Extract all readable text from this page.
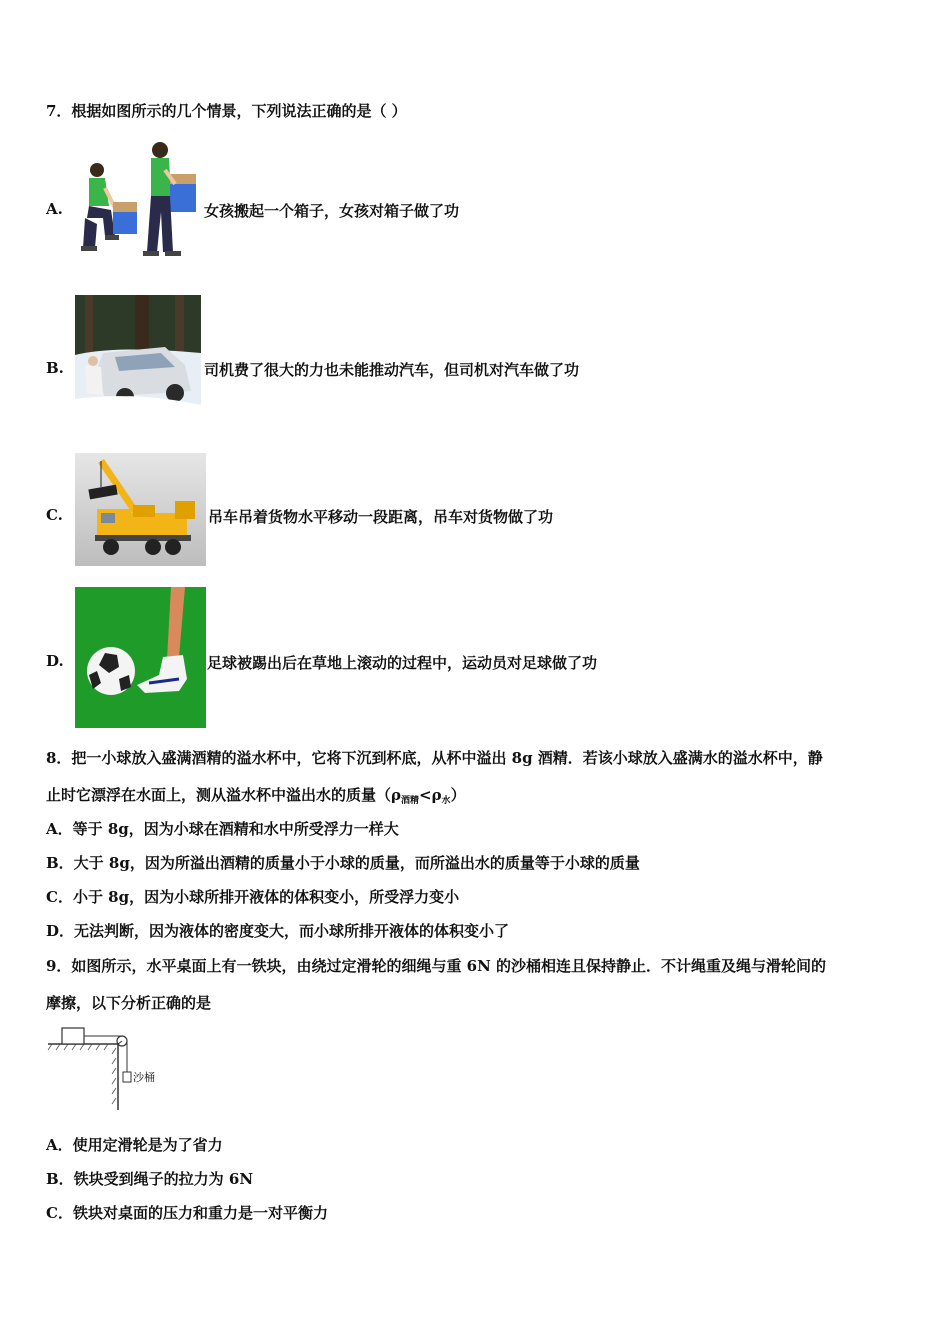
7．根据如图所示的几个情景，下列说法正确的是（ ）
A.	女孩搬起一个箱子，女孩对箱子做了功
B.	司机费了很大的力也未能推动汽车，但司机对汽车做了功
C.	吊车吊着货物水平移动一段距离，吊车对货物做了功
D.	足球被踢出后在草地上滚动的过程中，运动员对足球做了功
8．把一小球放入盛满酒精的溢水杯中，它将下沉到杯底，从杯中溢出 8g 酒精．若该小球放入盛满水的溢水杯中，静
止时它漂浮在水面上，测从溢水杯中溢出水的质量$(\rho_{酒精}<\rho_水)$
A．等于 8g，因为小球在酒精和水中所受浮力一样大
B．大于 8g，因为所溢出酒精的质量小于小球的质量，而所溢出水的质量等于小球的质量
C．小于 8g，因为小球所排开液体的体积变小，所受浮力变小
D．无法判断，因为液体的密度变大，而小球所排开液体的体积变小了
9．如图所示，水平桌面上有一铁块，由绕过定滑轮的细绳与重 6N 的沙桶相连且保持静止．不计绳重及绳与滑轮间的
摩擦，以下分析正确的是
沙桶
A．使用定滑轮是为了省力
B．铁块受到绳子的拉力为 6N
C．铁块对桌面的压力和重力是一对平衡力
